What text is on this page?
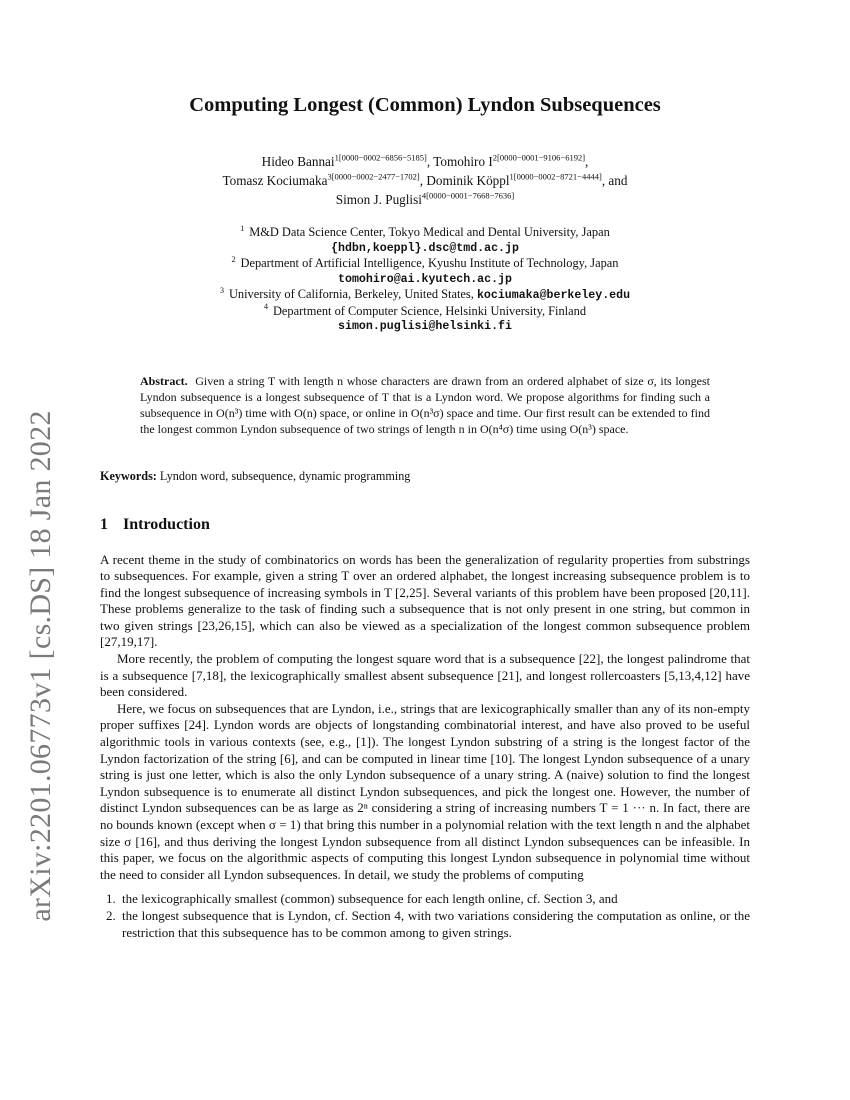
arXiv:2201.06773v1 [cs.DS] 18 Jan 2022
Computing Longest (Common) Lyndon Subsequences
Hideo Bannai$^{1[0000-0002-6856-5185]}$, Tomohiro $I^{2[0000-0001-9106-6192]}$,
Tomasz Kociumaka$^{3[0000-0002-2477-1702]}$, Dominik Köppl$^{1[0000-0002-8721-4444]}$, and
Simon J. Puglisi$^{4[0000-0001-7668-7636]}$
$^1$ M&D Data Science Center, Tokyo Medical and Dental University, Japan
{hdbn,koeppl}.dsc@tmd.ac.jp
$^2$ Department of Artificial Intelligence, Kyushu Institute of Technology, Japan
tomohiro@ai.kyutech.ac.jp
$^3$ University of California, Berkeley, United States, kociumaka@berkeley.edu
$^4$ Department of Computer Science, Helsinki University, Finland
simon.puglisi@helsinki.fi
Abstract. Given a string T with length n whose characters are drawn from an ordered alphabet of size σ, its longest Lyndon subsequence is a longest subsequence of T that is a Lyndon word. We propose algorithms for finding such a subsequence in O(n³) time with O(n) space, or online in O(n³σ) space and time. Our first result can be extended to find the longest common Lyndon subsequence of two strings of length n in O(n⁴σ) time using O(n³) space.
Keywords: Lyndon word, subsequence, dynamic programming
1 Introduction

A recent theme in the study of combinatorics on words has been the generalization of regularity properties from substrings to subsequences. For example, given a string T over an ordered alphabet, the longest increasing subsequence problem is to find the longest subsequence of increasing symbols in T [2,25]. Several variants of this problem have been proposed [20,11]. These problems generalize to the task of finding such a subsequence that is not only present in one string, but common in two given strings [23,26,15], which can also be viewed as a specialization of the longest common subsequence problem [27,19,17].

More recently, the problem of computing the longest square word that is a subsequence [22], the longest palindrome that is a subsequence [7,18], the lexicographically smallest absent subsequence [21], and longest rollercoasters [5,13,4,12] have been considered.

Here, we focus on subsequences that are Lyndon, i.e., strings that are lexicographically smaller than any of its non-empty proper suffixes [24]. Lyndon words are objects of longstanding combinatorial interest, and have also proved to be useful algorithmic tools in various contexts (see, e.g., [1]). The longest Lyndon substring of a string is the longest factor of the Lyndon factorization of the string [6], and can be computed in linear time [10]. The longest Lyndon subsequence of a unary string is just one letter, which is also the only Lyndon subsequence of a unary string. A (naive) solution to find the longest Lyndon subsequence is to enumerate all distinct Lyndon subsequences, and pick the longest one. However, the number of distinct Lyndon subsequences can be as large as 2ⁿ considering a string of increasing numbers T = 1 ··· n. In fact, there are no bounds known (except when σ = 1) that bring this number in a polynomial relation with the text length n and the alphabet size σ [16], and thus deriving the longest Lyndon subsequence from all distinct Lyndon subsequences can be infeasible. In this paper, we focus on the algorithmic aspects of computing this longest Lyndon subsequence in polynomial time without the need to consider all Lyndon subsequences. In detail, we study the problems of computing

1. the lexicographically smallest (common) subsequence for each length online, cf. Section 3, and
2. the longest subsequence that is Lyndon, cf. Section 4, with two variations considering the computation as online, or the restriction that this subsequence has to be common among to given strings.
